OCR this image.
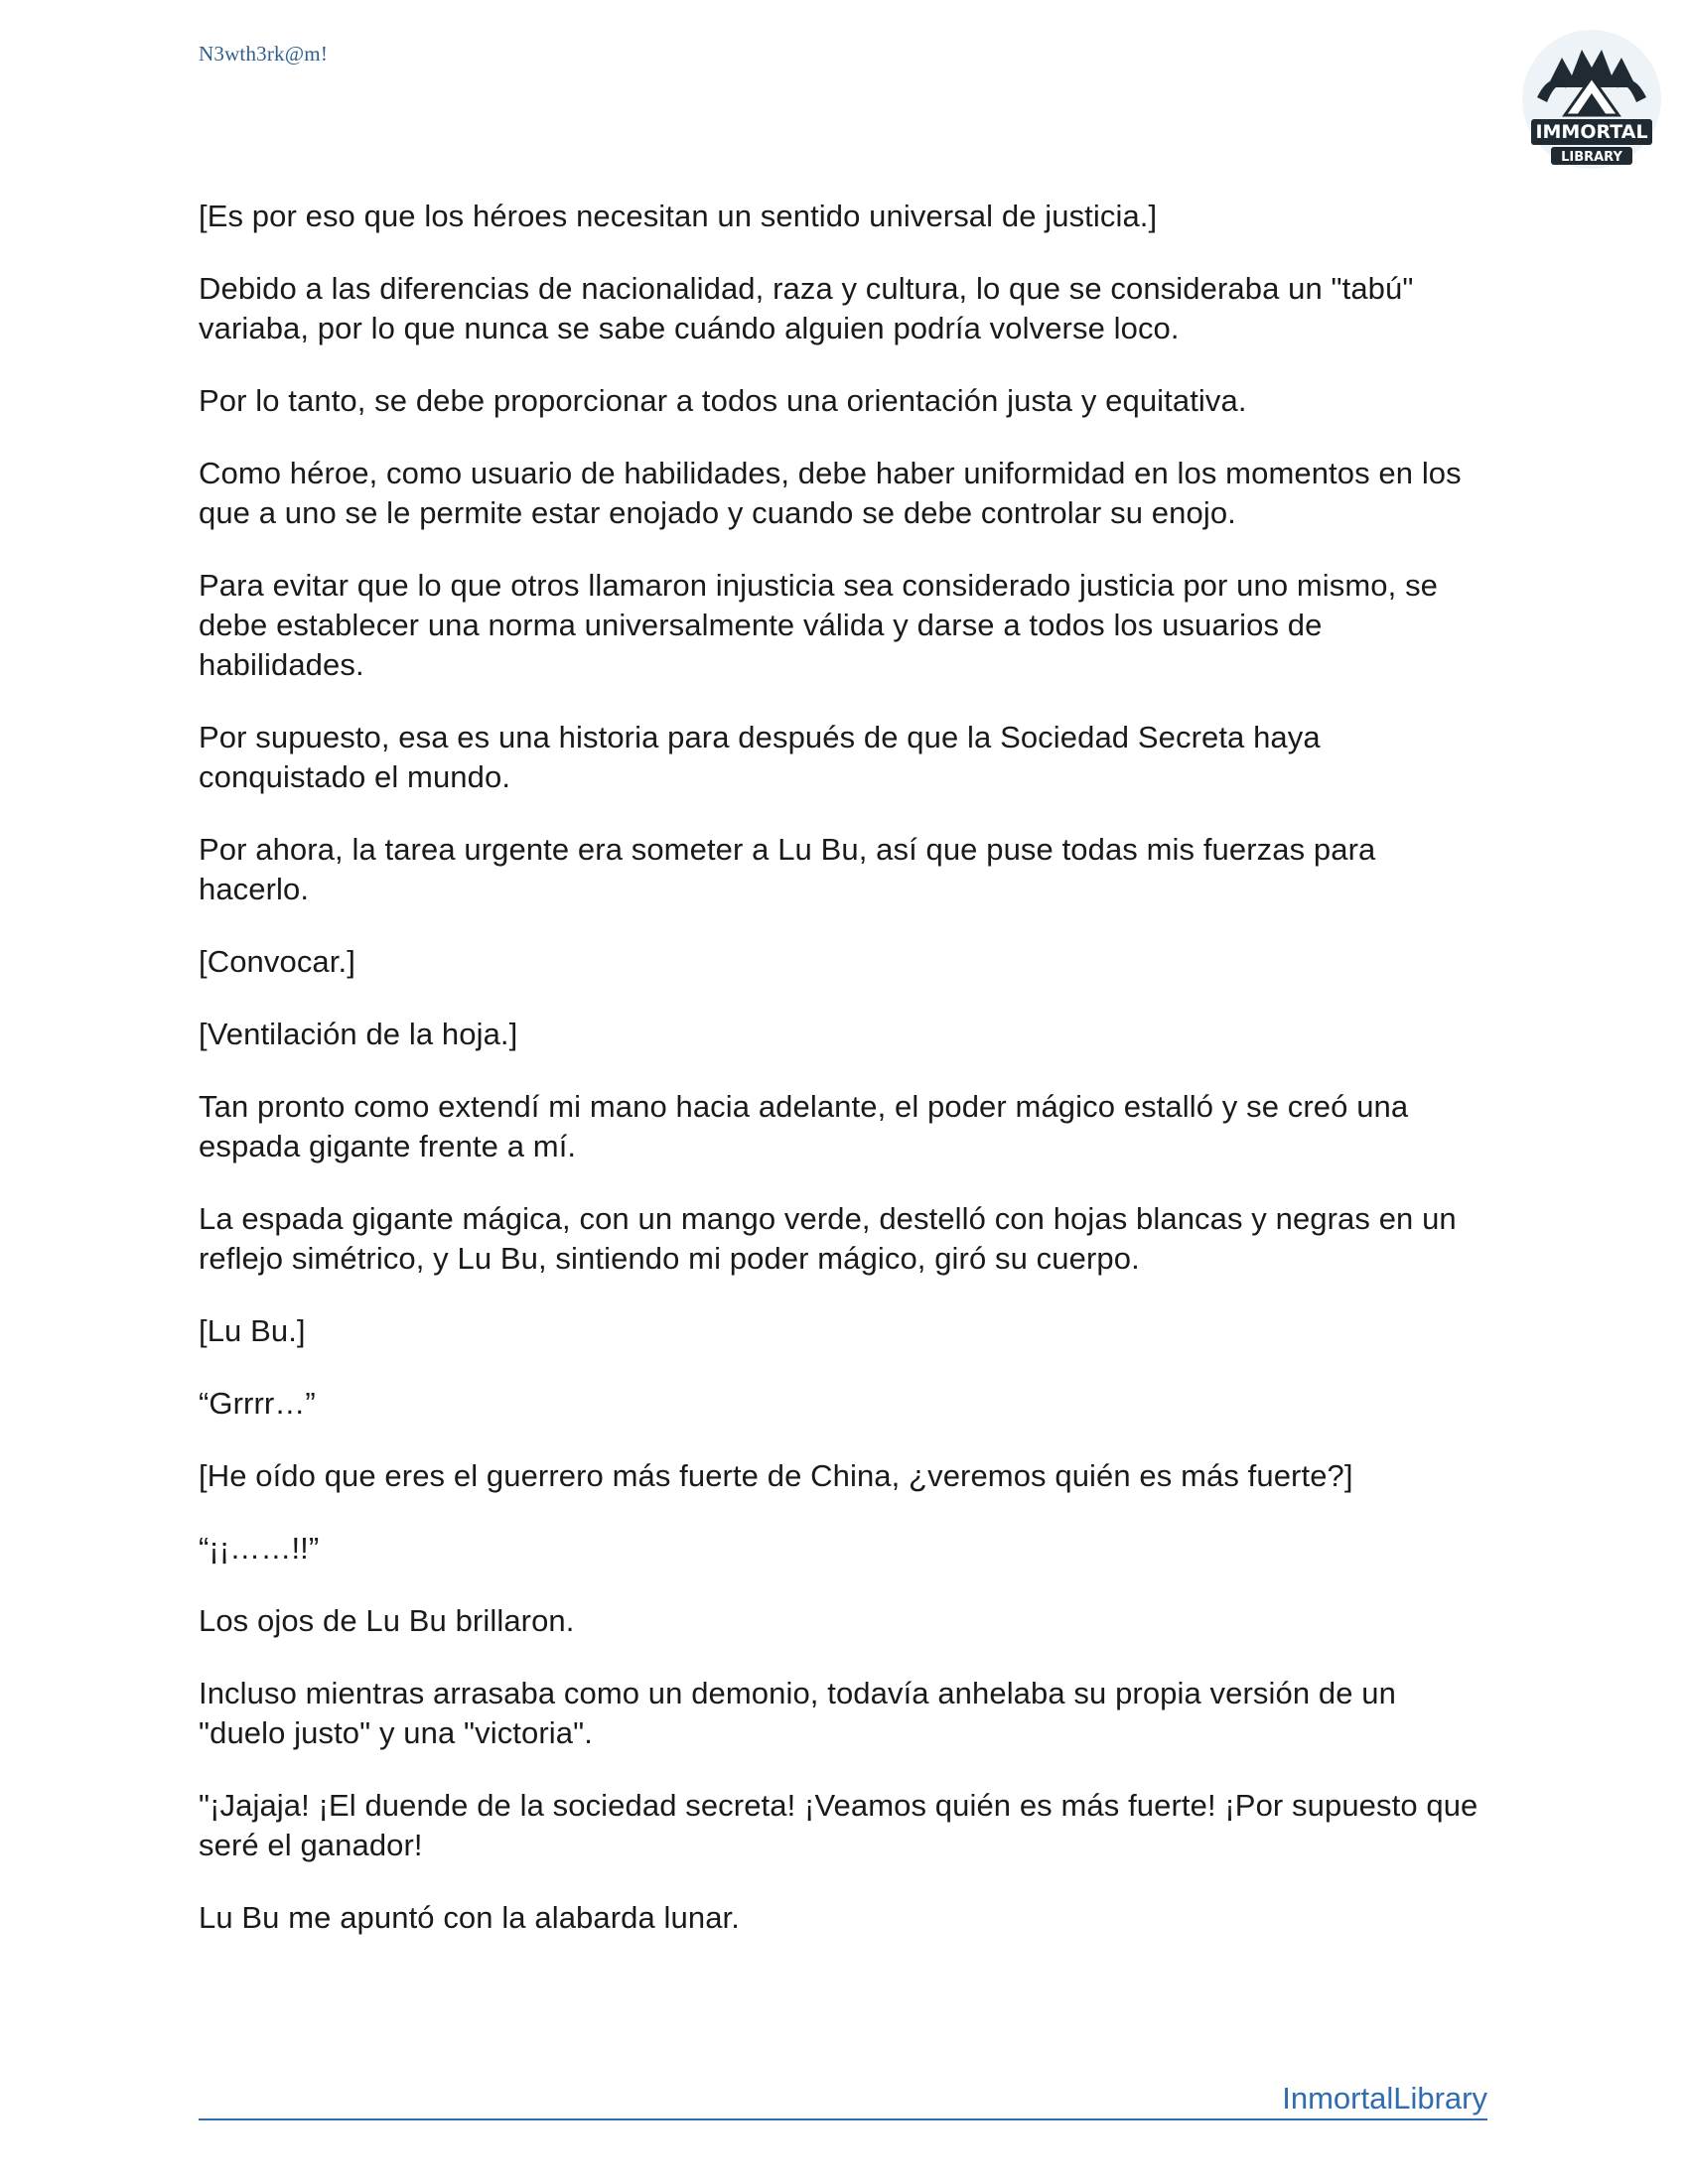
N3wth3rk@m!
IMMORTAL
LIBRARY

[Es por eso que los héroes necesitan un sentido universal de justicia.]

Debido a las diferencias de nacionalidad, raza y cultura, lo que se consideraba un "tabú" variaba, por lo que nunca se sabe cuándo alguien podría volverse loco.

Por lo tanto, se debe proporcionar a todos una orientación justa y equitativa.

Como héroe, como usuario de habilidades, debe haber uniformidad en los momentos en los que a uno se le permite estar enojado y cuando se debe controlar su enojo.

Para evitar que lo que otros llamaron injusticia sea considerado justicia por uno mismo, se debe establecer una norma universalmente válida y darse a todos los usuarios de habilidades.

Por supuesto, esa es una historia para después de que la Sociedad Secreta haya conquistado el mundo.

Por ahora, la tarea urgente era someter a Lu Bu, así que puse todas mis fuerzas para hacerlo.

[Convocar.]

[Ventilación de la hoja.]

Tan pronto como extendí mi mano hacia adelante, el poder mágico estalló y se creó una espada gigante frente a mí.

La espada gigante mágica, con un mango verde, destelló con hojas blancas y negras en un reflejo simétrico, y Lu Bu, sintiendo mi poder mágico, giró su cuerpo.

[Lu Bu.]

“Grrrr…”

[He oído que eres el guerrero más fuerte de China, ¿veremos quién es más fuerte?]

“¡¡……!!”

Los ojos de Lu Bu brillaron.

Incluso mientras arrasaba como un demonio, todavía anhelaba su propia versión de un "duelo justo" y una "victoria".

"¡Jajaja! ¡El duende de la sociedad secreta! ¡Veamos quién es más fuerte! ¡Por supuesto que seré el ganador!

Lu Bu me apuntó con la alabarda lunar.

InmortalLibrary
